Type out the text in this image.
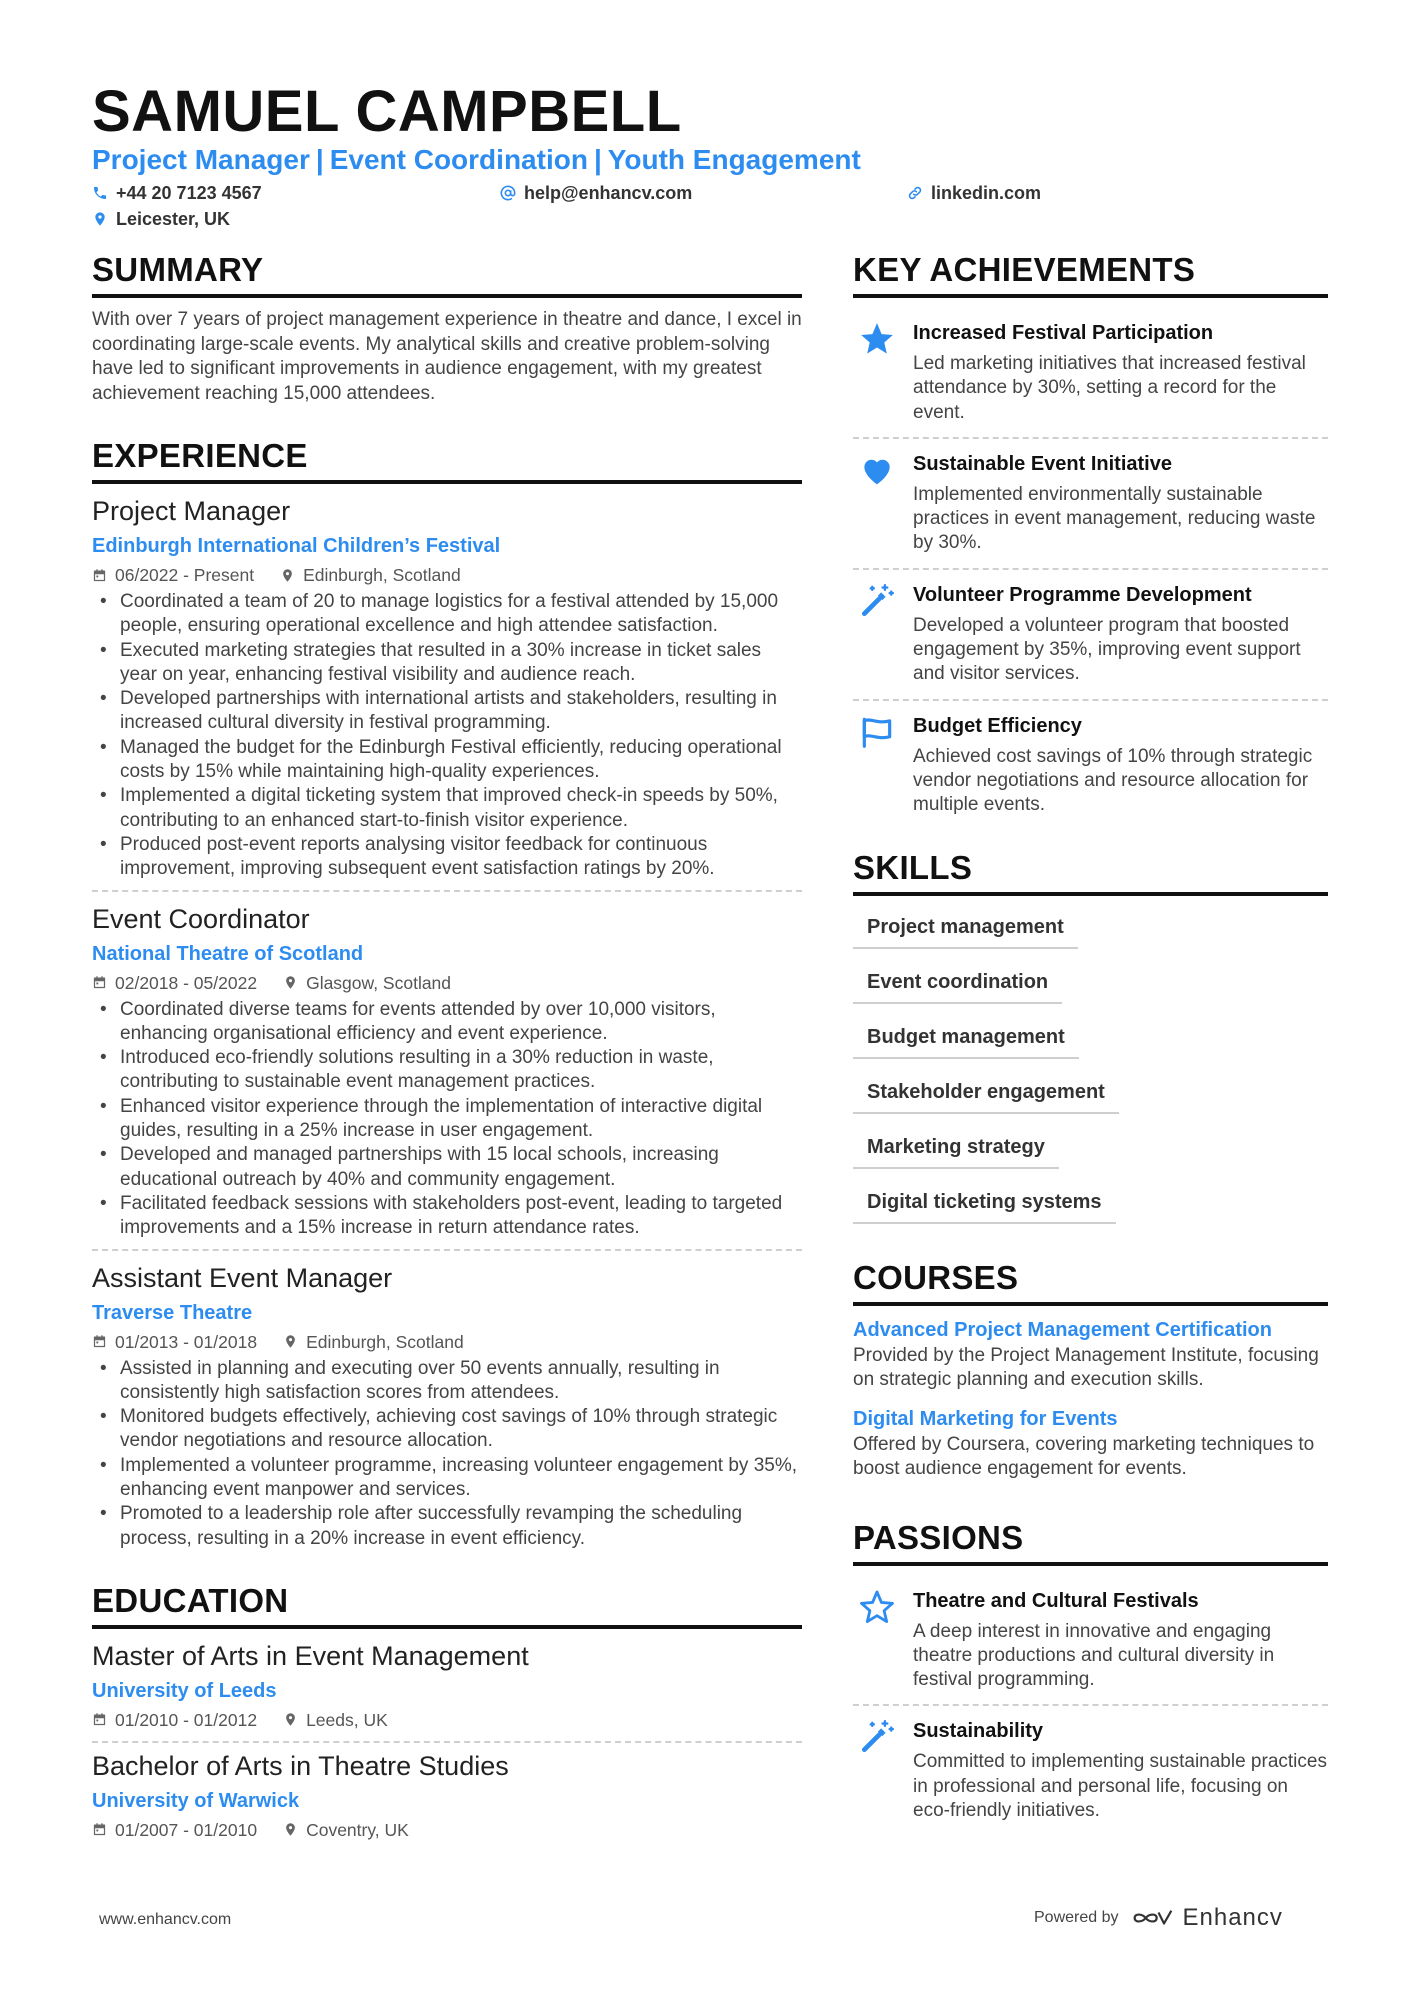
SAMUEL CAMPBELL
Project Manager | Event Coordination | Youth Engagement
+44 20 7123 4567	help@enhancv.com	linkedin.com
Leicester, UK
SUMMARY

With over 7 years of project management experience in theatre and dance, I excel in coordinating large-scale events. My analytical skills and creative problem-solving have led to significant improvements in audience engagement, with my greatest achievement reaching 15,000 attendees.

EXPERIENCE
Project Manager
Edinburgh International Children’s Festival
06/2022 - Present	Edinburgh, Scotland
• Coordinated a team of 20 to manage logistics for a festival attended by 15,000 people, ensuring operational excellence and high attendee satisfaction.
• Executed marketing strategies that resulted in a 30% increase in ticket sales year on year, enhancing festival visibility and audience reach.
• Developed partnerships with international artists and stakeholders, resulting in increased cultural diversity in festival programming.
• Managed the budget for the Edinburgh Festival efficiently, reducing operational costs by 15% while maintaining high-quality experiences.
• Implemented a digital ticketing system that improved check-in speeds by 50%, contributing to an enhanced start-to-finish visitor experience.
• Produced post-event reports analysing visitor feedback for continuous improvement, improving subsequent event satisfaction ratings by 20%.
Event Coordinator
National Theatre of Scotland
02/2018 - 05/2022	Glasgow, Scotland
• Coordinated diverse teams for events attended by over 10,000 visitors, enhancing organisational efficiency and event experience.
• Introduced eco-friendly solutions resulting in a 30% reduction in waste, contributing to sustainable event management practices.
• Enhanced visitor experience through the implementation of interactive digital guides, resulting in a 25% increase in user engagement.
• Developed and managed partnerships with 15 local schools, increasing educational outreach by 40% and community engagement.
• Facilitated feedback sessions with stakeholders post-event, leading to targeted improvements and a 15% increase in return attendance rates.
Assistant Event Manager
Traverse Theatre
01/2013 - 01/2018	Edinburgh, Scotland
• Assisted in planning and executing over 50 events annually, resulting in consistently high satisfaction scores from attendees.
• Monitored budgets effectively, achieving cost savings of 10% through strategic vendor negotiations and resource allocation.
• Implemented a volunteer programme, increasing volunteer engagement by 35%, enhancing event manpower and services.
• Promoted to a leadership role after successfully revamping the scheduling process, resulting in a 20% increase in event efficiency.
EDUCATION
Master of Arts in Event Management
University of Leeds
01/2010 - 01/2012	Leeds, UK
Bachelor of Arts in Theatre Studies
University of Warwick
01/2007 - 01/2010	Coventry, UK
KEY ACHIEVEMENTS
Increased Festival Participation
Led marketing initiatives that increased festival attendance by 30%, setting a record for the event.
Sustainable Event Initiative
Implemented environmentally sustainable practices in event management, reducing waste by 30%.
Volunteer Programme Development
Developed a volunteer program that boosted engagement by 35%, improving event support and visitor services.
Budget Efficiency
Achieved cost savings of 10% through strategic vendor negotiations and resource allocation for multiple events.
SKILLS
Project management
Event coordination
Budget management
Stakeholder engagement
Marketing strategy
Digital ticketing systems
COURSES
Advanced Project Management Certification
Provided by the Project Management Institute, focusing on strategic planning and execution skills.
Digital Marketing for Events
Offered by Coursera, covering marketing techniques to boost audience engagement for events.
PASSIONS
Theatre and Cultural Festivals
A deep interest in innovative and engaging theatre productions and cultural diversity in festival programming.
Sustainability
Committed to implementing sustainable practices in professional and personal life, focusing on eco-friendly initiatives.
www.enhancv.com	Powered by	Enhancv
